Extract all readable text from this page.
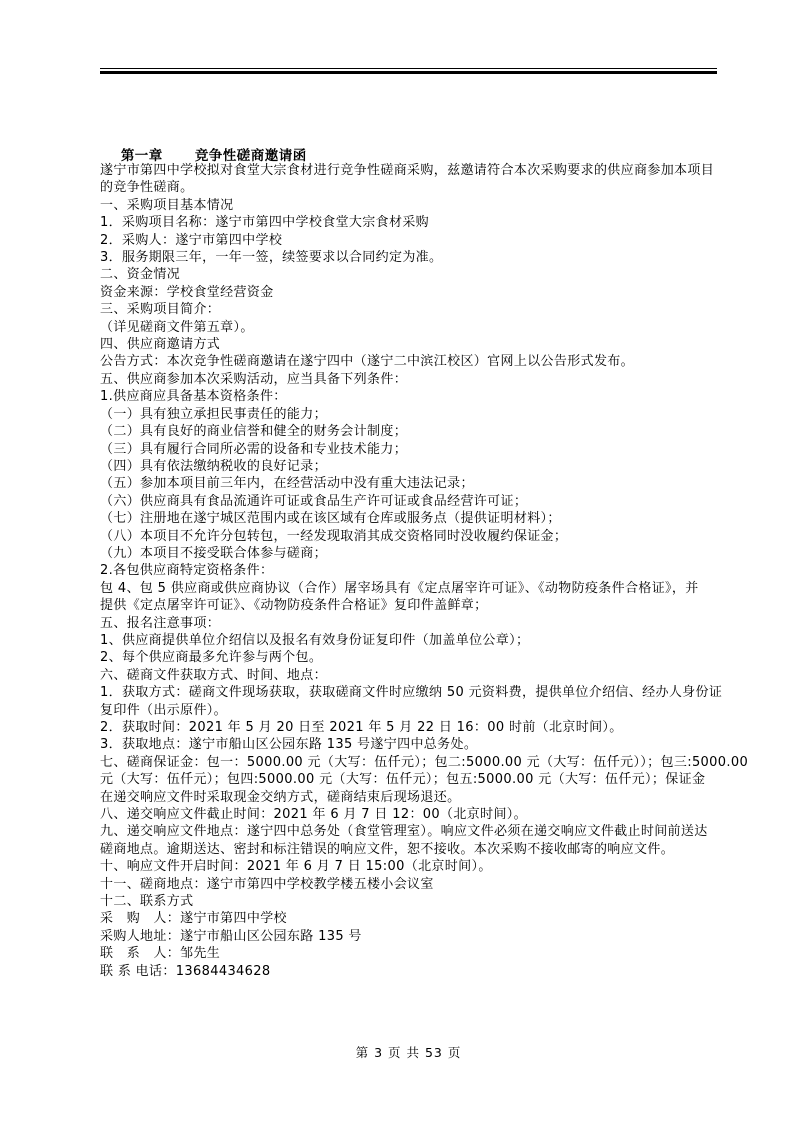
第一章 竞争性磋商邀请函

遂宁市第四中学校拟对食堂大宗食材进行竞争性磋商采购，兹邀请符合本次采购要求的供应商参加本项目
的竞争性磋商。
一、采购项目基本情况
1．采购项目名称：遂宁市第四中学校食堂大宗食材采购
2．采购人：遂宁市第四中学校
3．服务期限三年，一年一签，续签要求以合同约定为准。
二、资金情况
资金来源：学校食堂经营资金
三、采购项目简介：
（详见磋商文件第五章）。
四、供应商邀请方式
公告方式：本次竞争性磋商邀请在遂宁四中（遂宁二中滨江校区）官网上以公告形式发布。
五、供应商参加本次采购活动，应当具备下列条件：
1.供应商应具备基本资格条件：
（一）具有独立承担民事责任的能力；
（二）具有良好的商业信誉和健全的财务会计制度；
（三）具有履行合同所必需的设备和专业技术能力；
（四）具有依法缴纳税收的良好记录；
（五）参加本项目前三年内，在经营活动中没有重大违法记录；
（六）供应商具有食品流通许可证或食品生产许可证或食品经营许可证；
（七）注册地在遂宁城区范围内或在该区域有仓库或服务点（提供证明材料）；
（八）本项目不允许分包转包，一经发现取消其成交资格同时没收履约保证金；
（九）本项目不接受联合体参与磋商；
2.各包供应商特定资格条件：
包 4、包 5 供应商或供应商协议（合作）屠宰场具有《定点屠宰许可证》、《动物防疫条件合格证》，并
提供《定点屠宰许可证》、《动物防疫条件合格证》复印件盖鲜章；
五、报名注意事项：
1、供应商提供单位介绍信以及报名有效身份证复印件（加盖单位公章）；
2、每个供应商最多允许参与两个包。
六、磋商文件获取方式、时间、地点：
1．获取方式：磋商文件现场获取，获取磋商文件时应缴纳 50 元资料费，提供单位介绍信、经办人身份证
复印件（出示原件）。
2．获取时间：2021 年 5 月 20 日至 2021 年 5 月 22 日 16：00 时前（北京时间）。
3．获取地点：遂宁市船山区公园东路 135 号遂宁四中总务处。
七、磋商保证金：包一：5000.00 元（大写：伍仟元）；包二:5000.00 元（大写：伍仟元））；包三:5000.00
元（大写：伍仟元）；包四:5000.00 元（大写：伍仟元）；包五:5000.00 元（大写：伍仟元）；保证金
在递交响应文件时采取现金交纳方式，磋商结束后现场退还。
八、递交响应文件截止时间：2021 年 6 月 7 日 12：00（北京时间）。
九、递交响应文件地点：遂宁四中总务处（食堂管理室）。响应文件必须在递交响应文件截止时间前送达
磋商地点。逾期送达、密封和标注错误的响应文件，恕不接收。本次采购不接收邮寄的响应文件。
十、响应文件开启时间：2021 年 6 月 7 日 15:00（北京时间）。
十一、磋商地点：遂宁市第四中学校教学楼五楼小会议室
十二、联系方式
采　购　人：遂宁市第四中学校
采购人地址：遂宁市船山区公园东路 135 号
联　系　人：邹先生
联 系 电话：13684434628
第 3 页 共 53 页
